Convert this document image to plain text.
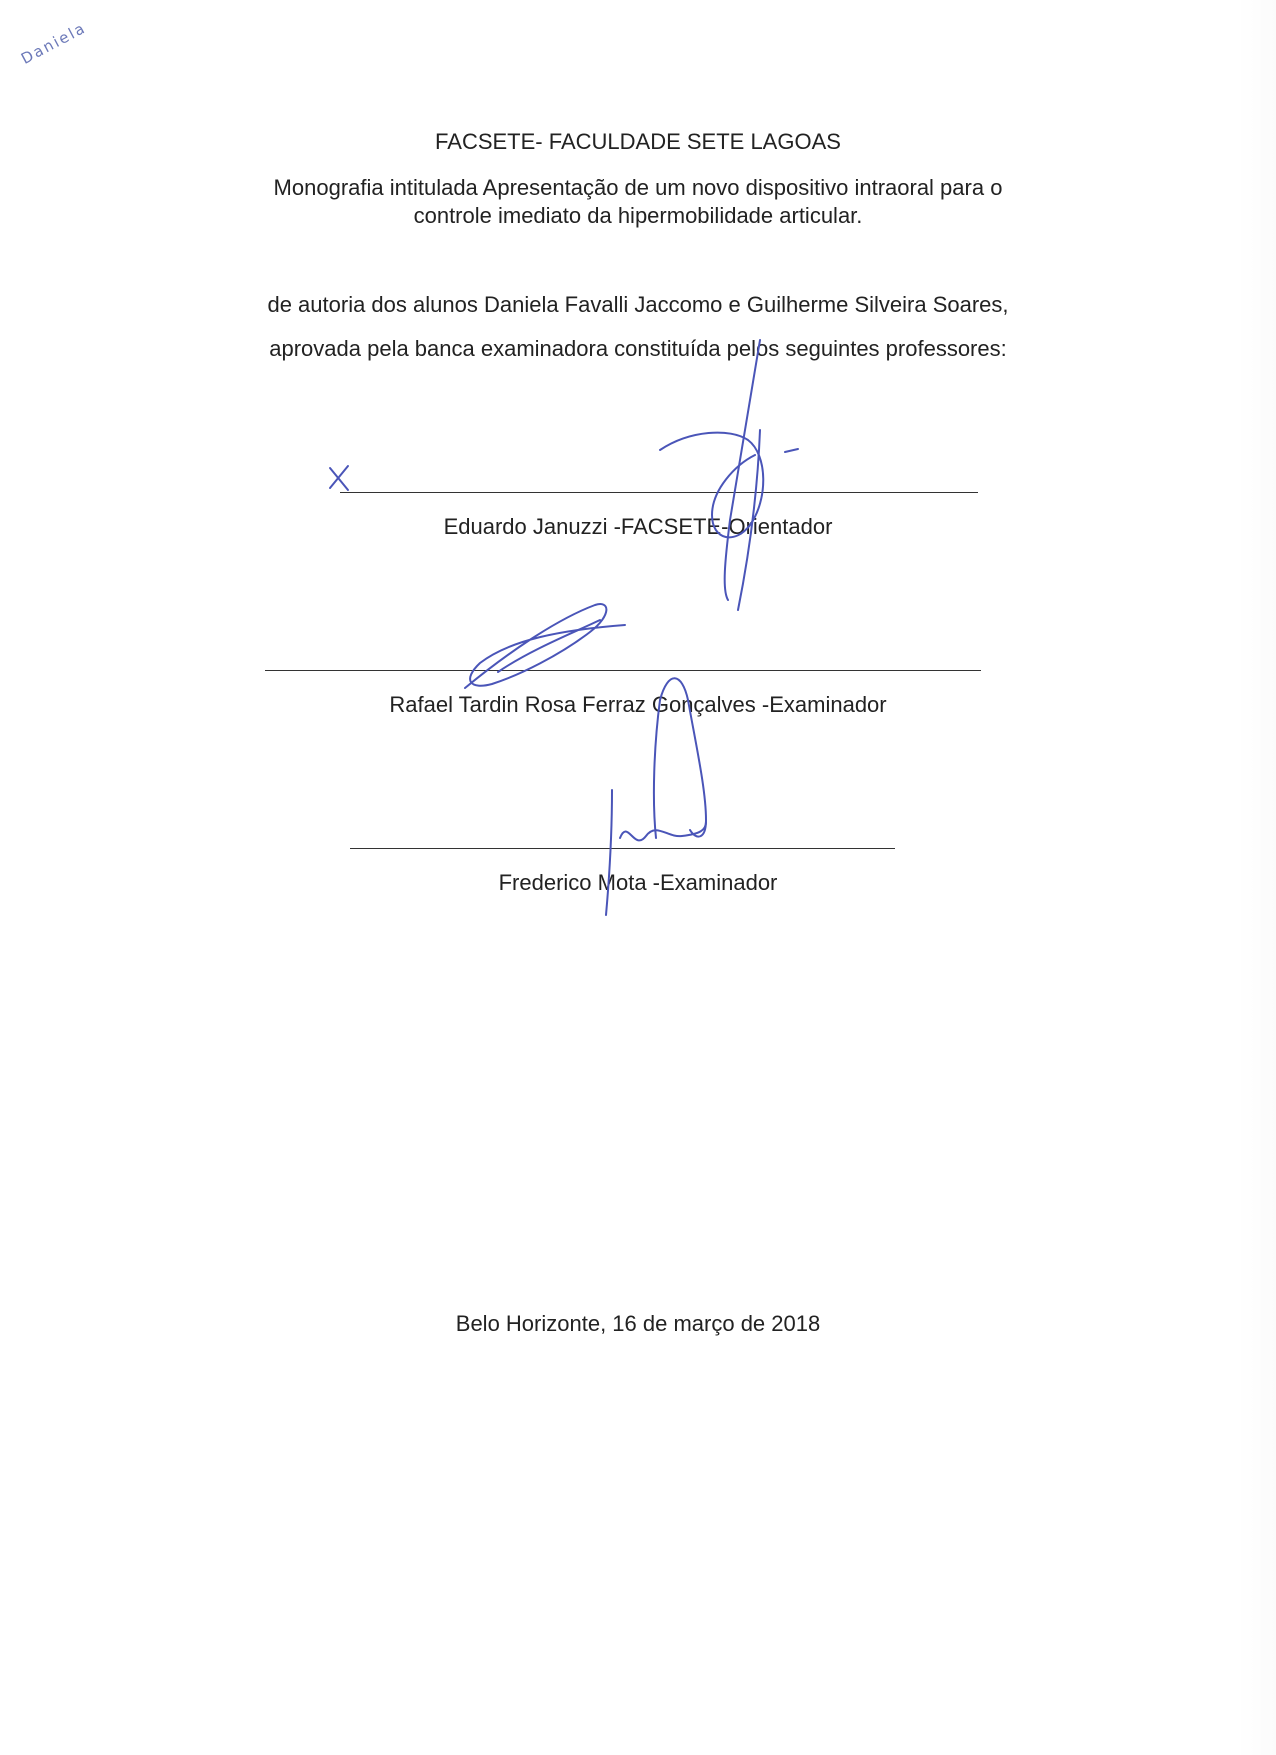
Daniela
FACSETE- FACULDADE SETE LAGOAS
Monografia intitulada Apresentação de um novo dispositivo intraoral para o
controle imediato da hipermobilidade articular.
de autoria dos alunos Daniela Favalli Jaccomo e Guilherme Silveira Soares,
aprovada pela banca examinadora constituída pelos seguintes professores:
Eduardo Januzzi -FACSETE-Orientador
Rafael Tardin Rosa Ferraz Gonçalves -Examinador
Frederico Mota -Examinador
Belo Horizonte, 16 de março de 2018
